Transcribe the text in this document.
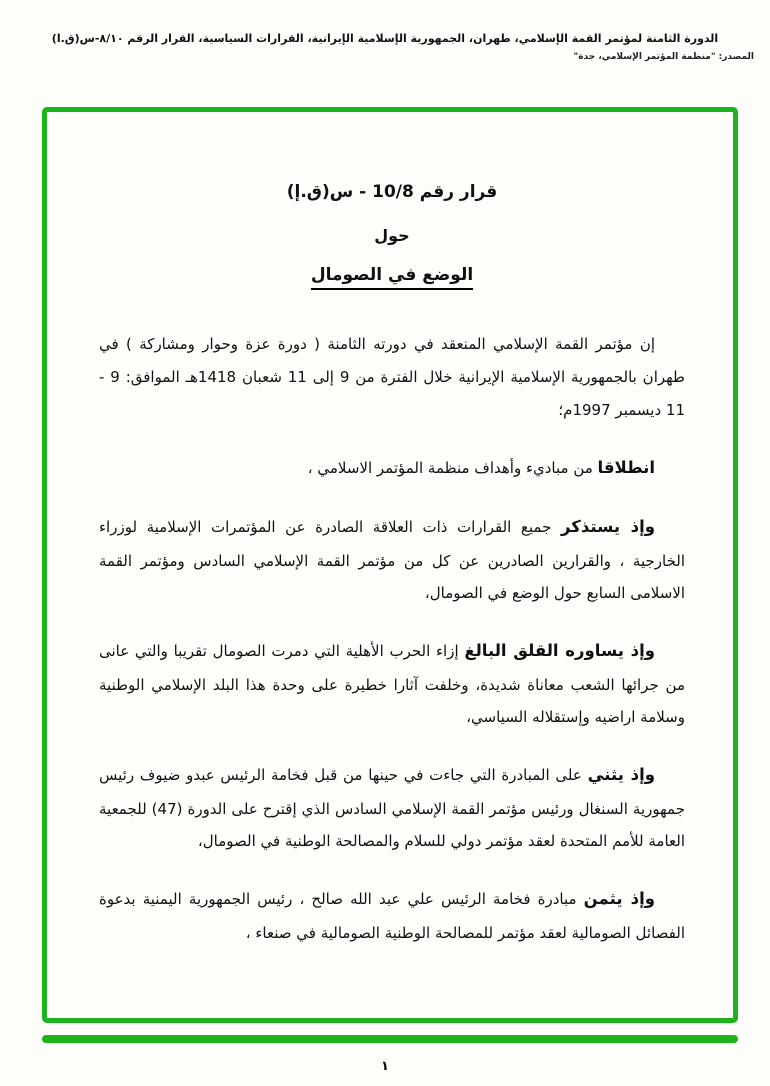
الدورة الثامنة لمؤتمر القمة الإسلامي، طهران، الجمهورية الإسلامية الإيرانية، القرارات السياسية، القرار الرقم ٨/١٠-س(ق.ا)
المصدر: "منظمة المؤتمر الإسلامي، جدة"
قرار رقم 10/8 - س(ق.إ)
حول
الوضع في الصومال

إن مؤتمر القمة الإسلامي المنعقد في دورته الثامنة ( دورة عزة وحوار ومشاركة ) في طهران بالجمهورية الإسلامية الإيرانية خلال الفترة من 9 إلى 11 شعبان 1418هـ الموافق: 9 - 11 ديسمبر 1997م؛

انطلاقا من مباديء وأهداف منظمة المؤتمر الاسلامي ،

وإذ يستذكر جميع القرارات ذات العلاقة الصادرة عن المؤتمرات الإسلامية لوزراء الخارجية ، والقرارين الصادرين عن كل من مؤتمر القمة الإسلامي السادس ومؤتمر القمة الاسلامى السابع حول الوضع في الصومال،

وإذ يساوره القلق البالغ إزاء الحرب الأهلية التي دمرت الصومال تقريبا والتي عانى من جرائها الشعب معاناة شديدة، وخلفت آثارا خطيرة على وحدة هذا البلد الإسلامي الوطنية وسلامة اراضيه وإستقلاله السياسي،

وإذ يثني على المبادرة التي جاءت في حينها من قبل فخامة الرئيس عبدو ضيوف رئيس جمهورية السنغال ورئيس مؤتمر القمة الإسلامي السادس الذي إقترح على الدورة (47) للجمعية العامة للأمم المتحدة لعقد مؤتمر دولي للسلام والمصالحة الوطنية في الصومال،

وإذ يثمن مبادرة فخامة الرئيس علي عبد الله صالح ، رئيس الجمهورية اليمنية بدعوة الفصائل الصومالية لعقد مؤتمر للمصالحة الوطنية الصومالية في صنعاء ،

١
